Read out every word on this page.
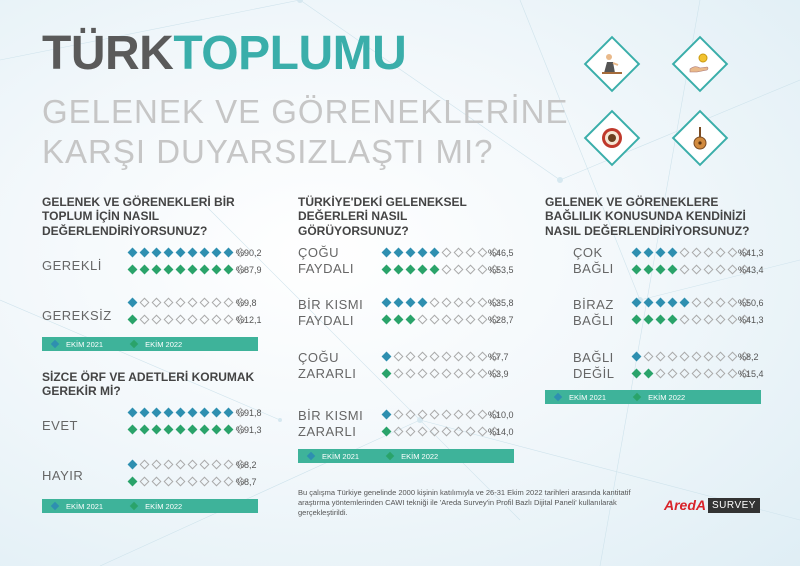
TÜRKTOPLUMU
GELENEK VE GÖRENEKLERİNE
KARŞI DUYARSIZLAŞTI MI?
GELENEK VE GÖRENEKLERİ BİR
TOPLUM İÇİN NASIL
DEĞERLENDİRİYORSUNUZ?
GEREKLİ
%90,2
%87,9
GEREKSİZ
%9,8
%12,1
EKİM 2021	EKİM 2022
SİZCE ÖRF VE ADETLERİ KORUMAK
GEREKİR Mİ?
EVET
%91,8
%91,3
HAYIR
%8,2
%8,7
EKİM 2021	EKİM 2022
TÜRKİYE'DEKİ GELENEKSEL
DEĞERLERİ NASIL
GÖRÜYORSUNUZ?
ÇOĞU
FAYDALI
%46,5
%53,5
BİR KISMI
FAYDALI
%35,8
%28,7
ÇOĞU
ZARARLI
%7,7
%3,9
BİR KISMI
ZARARLI
%10,0
%14,0
EKİM 2021	EKİM 2022
GELENEK VE GÖRENEKLERE
BAĞLILIK KONUSUNDA KENDİNİZİ
NASIL DEĞERLENDİRİYORSUNUZ?
ÇOK
BAĞLI
%41,3
%43,4
BİRAZ
BAĞLI
%50,6
%41,3
BAĞLI
DEĞİL
%8,2
%15,4
EKİM 2021	EKİM 2022
Bu çalışma Türkiye genelinde 2000 kişinin katılımıyla ve 26-31 Ekim 2022 tarihleri arasında kantitatif araştırma yöntemlerinden CAWI tekniği ile 'Areda Survey'in Profil Bazlı Dijital Paneli' kullanılarak gerçekleştirildi.	AredA SURVEY
